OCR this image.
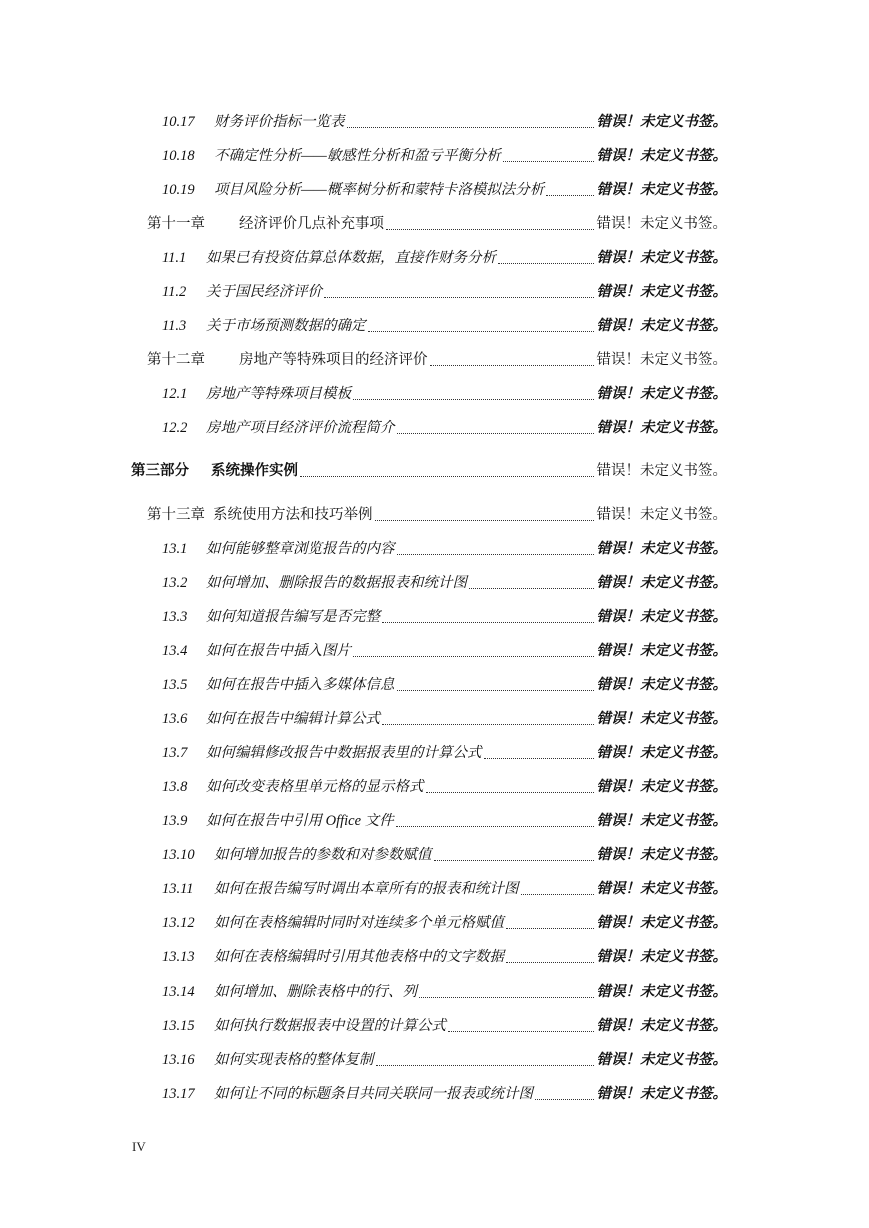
10.17	财务评价指标一览表	错误！未定义书签。
10.18	不确定性分析——敏感性分析和盈亏平衡分析	错误！未定义书签。
10.19	项目风险分析——概率树分析和蒙特卡洛模拟法分析	错误！未定义书签。
第十一章	经济评价几点补充事项	错误！未定义书签。
11.1	如果已有投资估算总体数据，直接作财务分析	错误！未定义书签。
11.2	关于国民经济评价	错误！未定义书签。
11.3	关于市场预测数据的确定	错误！未定义书签。
第十二章	房地产等特殊项目的经济评价	错误！未定义书签。
12.1	房地产等特殊项目模板	错误！未定义书签。
12.2	房地产项目经济评价流程简介	错误！未定义书签。
第三部分	系统操作实例	错误！未定义书签。
第十三章 系统使用方法和技巧举例	错误！未定义书签。
13.1	如何能够整章浏览报告的内容	错误！未定义书签。
13.2	如何增加、删除报告的数据报表和统计图	错误！未定义书签。
13.3	如何知道报告编写是否完整	错误！未定义书签。
13.4	如何在报告中插入图片	错误！未定义书签。
13.5	如何在报告中插入多媒体信息	错误！未定义书签。
13.6	如何在报告中编辑计算公式	错误！未定义书签。
13.7	如何编辑修改报告中数据报表里的计算公式	错误！未定义书签。
13.8	如何改变表格里单元格的显示格式	错误！未定义书签。
13.9	如何在报告中引用 Office 文件	错误！未定义书签。
13.10	如何增加报告的参数和对参数赋值	错误！未定义书签。
13.11	如何在报告编写时调出本章所有的报表和统计图	错误！未定义书签。
13.12	如何在表格编辑时同时对连续多个单元格赋值	错误！未定义书签。
13.13	如何在表格编辑时引用其他表格中的文字数据	错误！未定义书签。
13.14	如何增加、删除表格中的行、列	错误！未定义书签。
13.15	如何执行数据报表中设置的计算公式	错误！未定义书签。
13.16	如何实现表格的整体复制	错误！未定义书签。
13.17	如何让不同的标题条目共同关联同一报表或统计图	错误！未定义书签。
IV
